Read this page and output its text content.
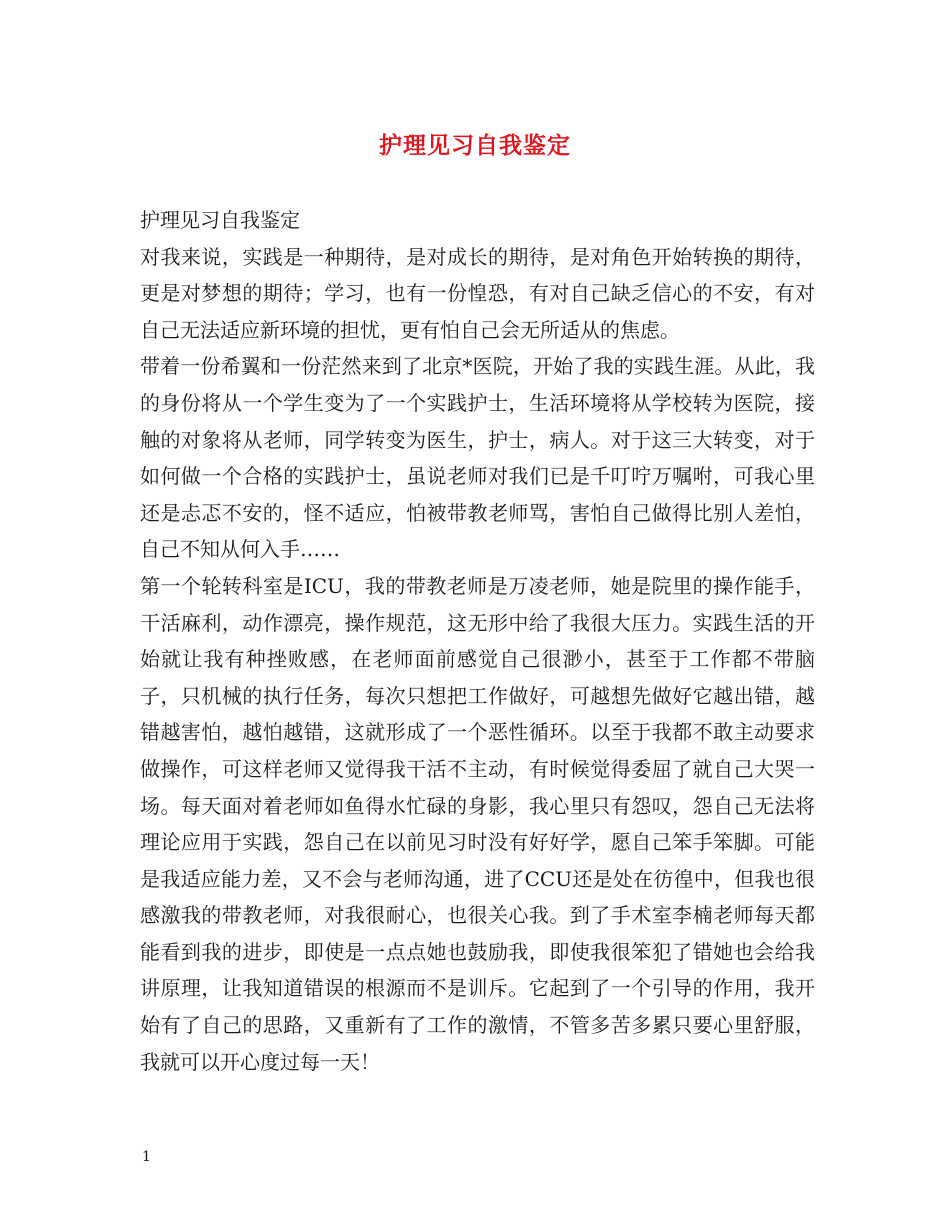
护理见习自我鉴定

护理见习自我鉴定

对我来说，实践是一种期待，是对成长的期待，是对角色开始转换的期待，更是对梦想的期待；学习，也有一份惶恐，有对自己缺乏信心的不安，有对自己无法适应新环境的担忧，更有怕自己会无所适从的焦虑。

带着一份希翼和一份茫然来到了北京*医院，开始了我的实践生涯。从此，我的身份将从一个学生变为了一个实践护士，生活环境将从学校转为医院，接触的对象将从老师，同学转变为医生，护士，病人。对于这三大转变，对于如何做一个合格的实践护士，虽说老师对我们已是千叮咛万嘱咐，可我心里还是忐忑不安的，怪不适应，怕被带教老师骂，害怕自己做得比别人差怕，自己不知从何入手……

第一个轮转科室是ICU，我的带教老师是万凌老师，她是院里的操作能手，干活麻利，动作漂亮，操作规范，这无形中给了我很大压力。实践生活的开始就让我有种挫败感，在老师面前感觉自己很渺小，甚至于工作都不带脑子，只机械的执行任务，每次只想把工作做好，可越想先做好它越出错，越错越害怕，越怕越错，这就形成了一个恶性循环。以至于我都不敢主动要求做操作，可这样老师又觉得我干活不主动，有时候觉得委屈了就自己大哭一场。每天面对着老师如鱼得水忙碌的身影，我心里只有怨叹，怨自己无法将理论应用于实践，怨自己在以前见习时没有好好学，愿自己笨手笨脚。可能是我适应能力差，又不会与老师沟通，进了CCU还是处在彷徨中，但我也很感激我的带教老师，对我很耐心，也很关心我。到了手术室李楠老师每天都能看到我的进步，即使是一点点她也鼓励我，即使我很笨犯了错她也会给我讲原理，让我知道错误的根源而不是训斥。它起到了一个引导的作用，我开始有了自己的思路，又重新有了工作的激情，不管多苦多累只要心里舒服，我就可以开心度过每一天！

1
